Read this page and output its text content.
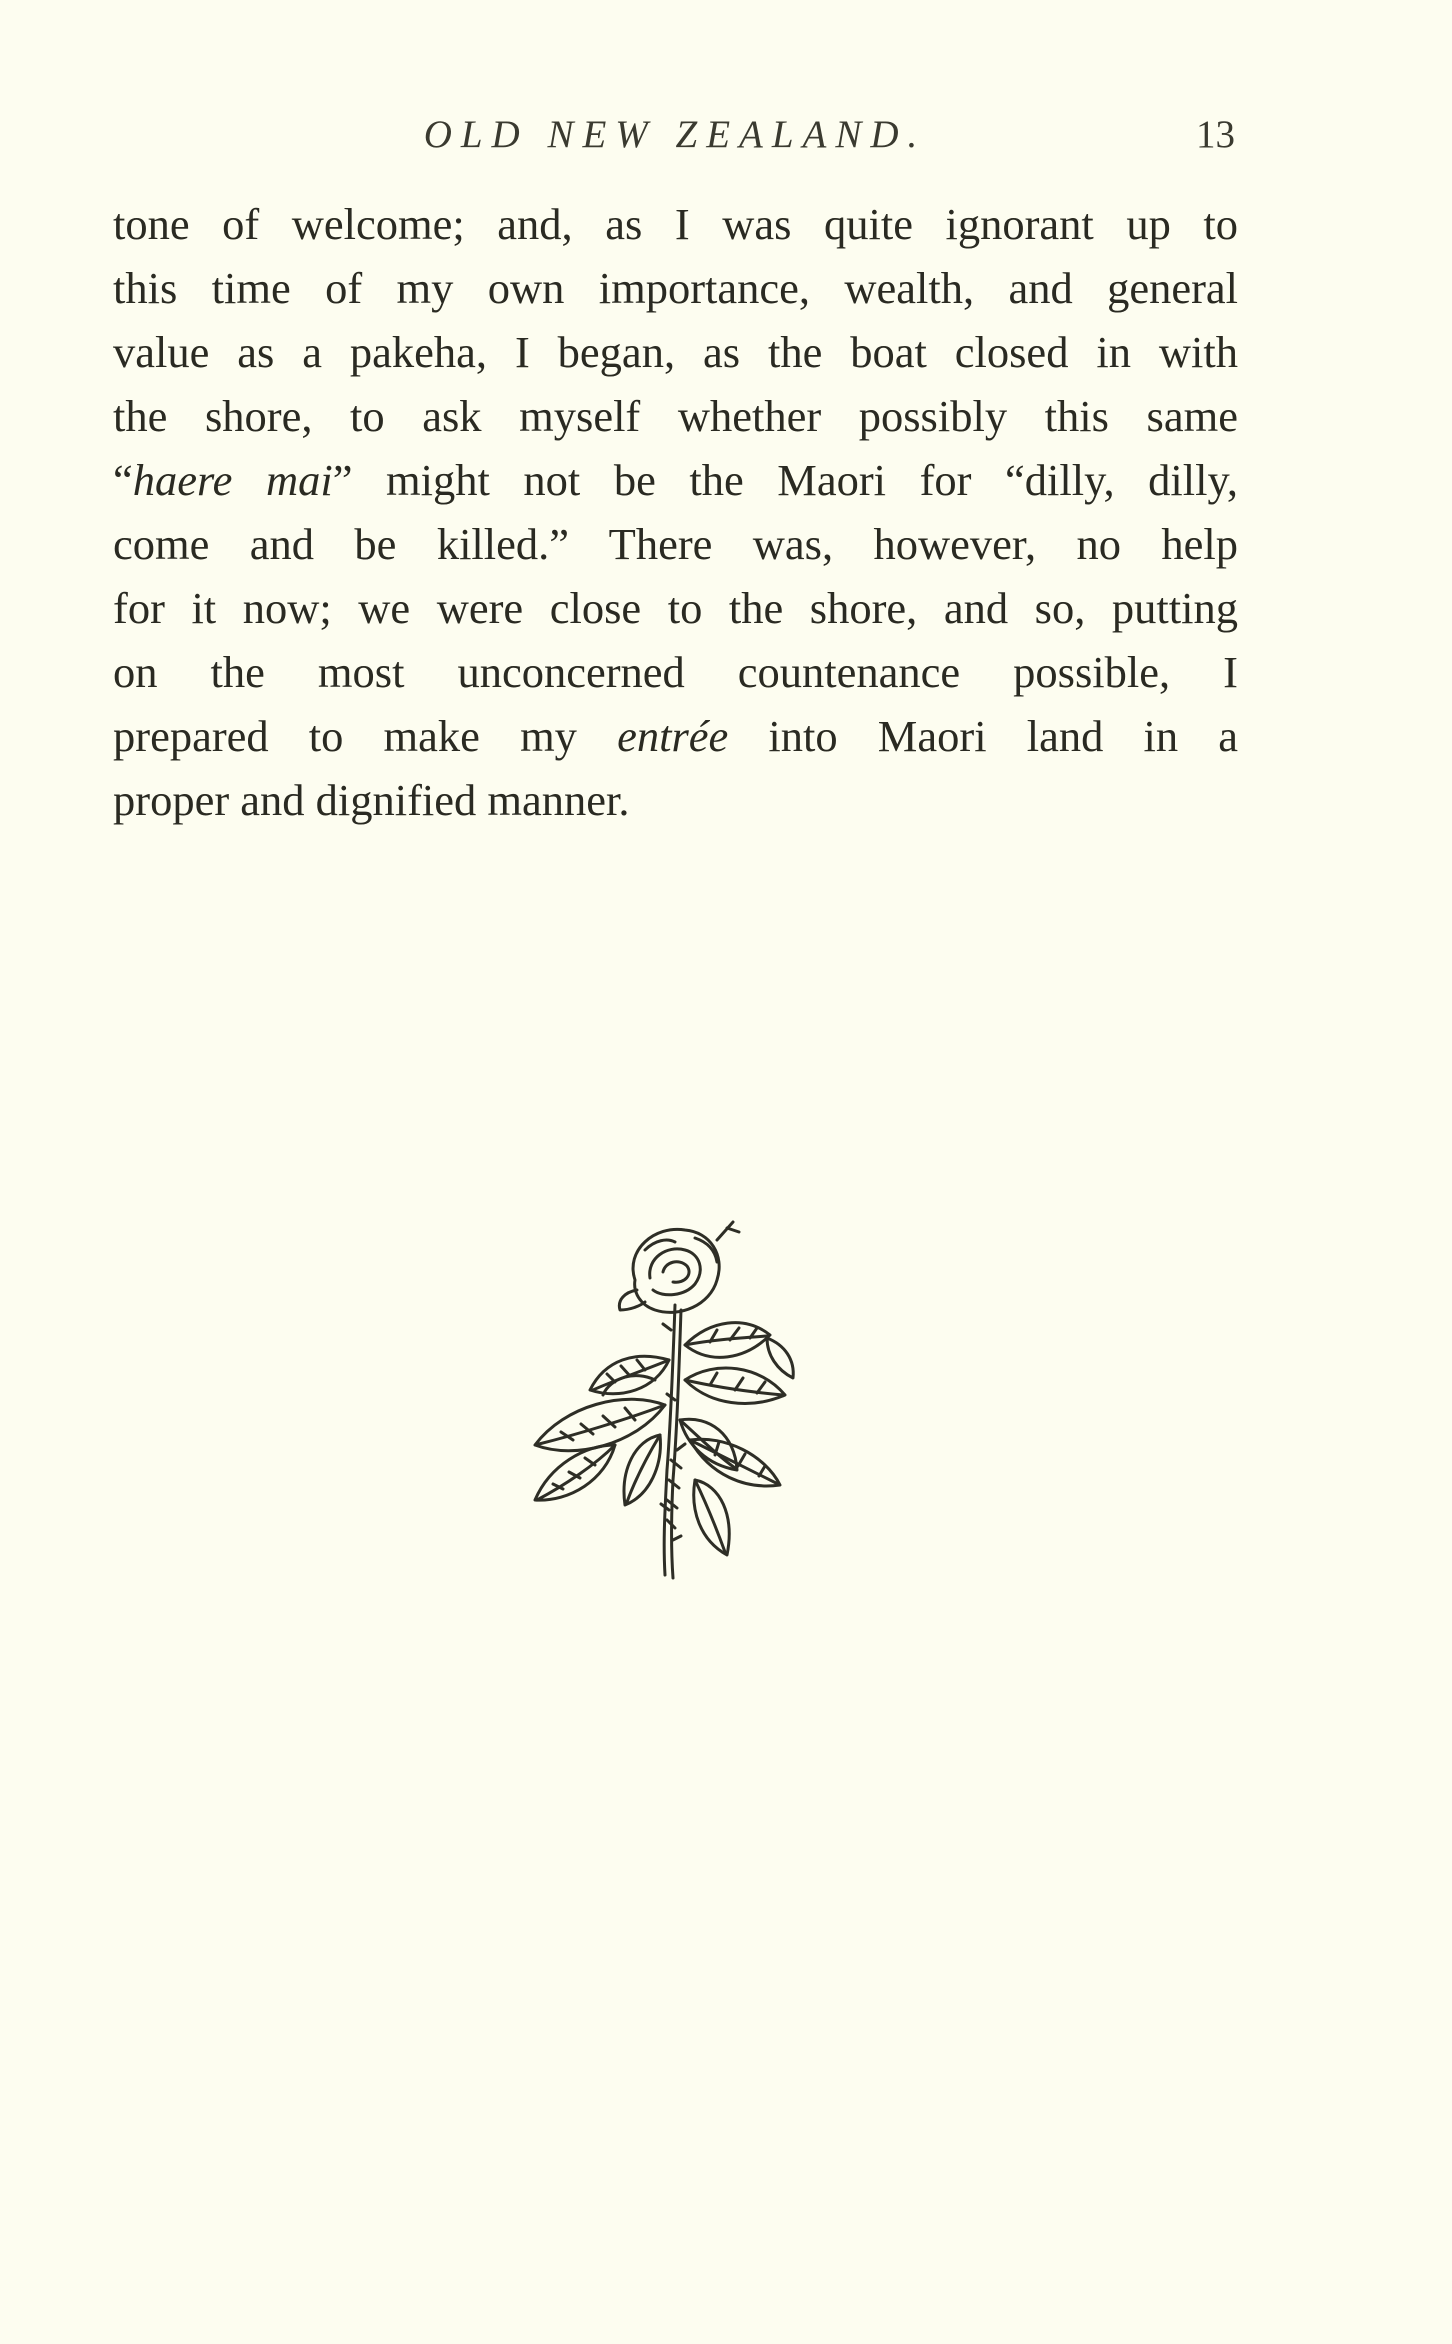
OLD NEW ZEALAND.	13
tone of welcome; and, as I was quite ignorant up to
this time of my own importance, wealth, and general
value as a pakeha, I began, as the boat closed in with
the shore, to ask myself whether possibly this same
“haere mai” might not be the Maori for “dilly, dilly,
come and be killed.” There was, however, no help
for it now; we were close to the shore, and so, putting
on the most unconcerned countenance possible, I
prepared to make my entrée into Maori land in a
proper and dignified manner.
